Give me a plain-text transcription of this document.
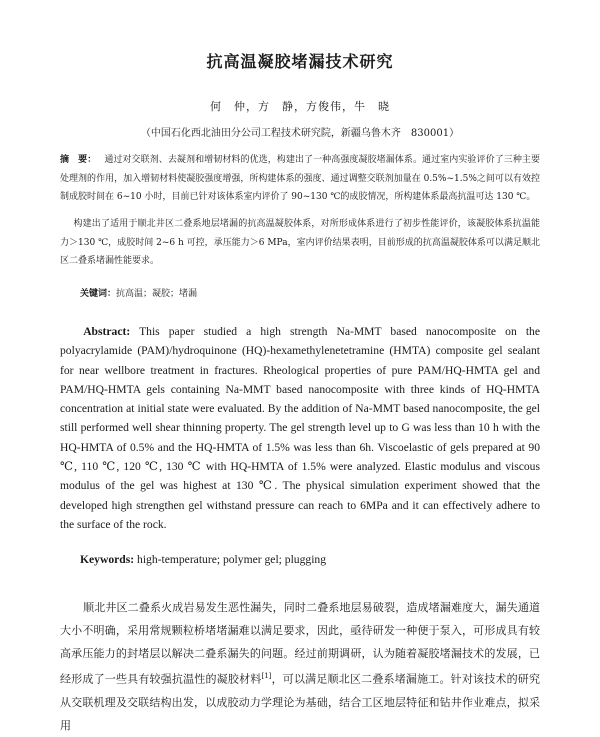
抗高温凝胶堵漏技术研究
何　仲，方　静，方俊伟，牛　晓
（中国石化西北油田分公司工程技术研究院，新疆乌鲁木齐　830001）

摘　要： 通过对交联剂、去凝剂和增韧材料的优选，构建出了一种高强度凝胶堵漏体系。通过室内实验评价了三种主要处理剂的作用，加入增韧材料使凝胶强度增强，所构建体系的强度、通过调整交联剂加量在 0.5%~1.5%之间可以有效控制成胶时间在 6~10 小时，目前已针对该体系室内评价了 90~130 ℃的成胶情况，所构建体系最高抗温可达 130 ℃。

构建出了适用于顺北井区二叠系地层堵漏的抗高温凝胶体系，对所形成体系进行了初步性能评价，该凝胶体系抗温能力＞130 ℃，成胶时间 2~6 h 可控，承压能力＞6 MPa，室内评价结果表明，目前形成的抗高温凝胶体系可以满足顺北区二叠系堵漏性能要求。

关键词：抗高温；凝胶；堵漏

Abstract: This paper studied a high strength Na-MMT based nanocomposite on the polyacrylamide (PAM)/hydroquinone (HQ)-hexamethylenetetramine (HMTA) composite gel sealant for near wellbore treatment in fractures. Rheological properties of pure PAM/HQ-HMTA gel and PAM/HQ-HMTA gels containing Na-MMT based nanocomposite with three kinds of HQ-HMTA concentration at initial state were evaluated. By the addition of Na-MMT based nanocomposite, the gel still performed well shear thinning property. The gel strength level up to G was less than 10 h with the HQ-HMTA of 0.5% and the HQ-HMTA of 1.5% was less than 6h. Viscoelastic of gels prepared at 90 ℃, 110 ℃, 120 ℃, 130 ℃ with HQ-HMTA of 1.5% were analyzed. Elastic modulus and viscous modulus of the gel was highest at 130 ℃. The physical simulation experiment showed that the developed high strengthen gel withstand pressure can reach to 6MPa and it can effectively adhere to the surface of the rock.

Keywords: high-temperature; polymer gel; plugging

顺北井区二叠系火成岩易发生恶性漏失，同时二叠系地层易破裂，造成堵漏难度大，漏失通道大小不明确，采用常规颗粒桥堵堵漏难以满足要求，因此，亟待研发一种便于泵入，可形成具有较高承压能力的封堵层以解决二叠系漏失的问题。经过前期调研，认为随着凝胶堵漏技术的发展，已经形成了一些具有较强抗温性的凝胶材料[1]，可以满足顺北区二叠系堵漏施工。针对该技术的研究从交联机理及交联结构出发，以成胶动力学理论为基础，结合工区地层特征和钻井作业难点，拟采用
